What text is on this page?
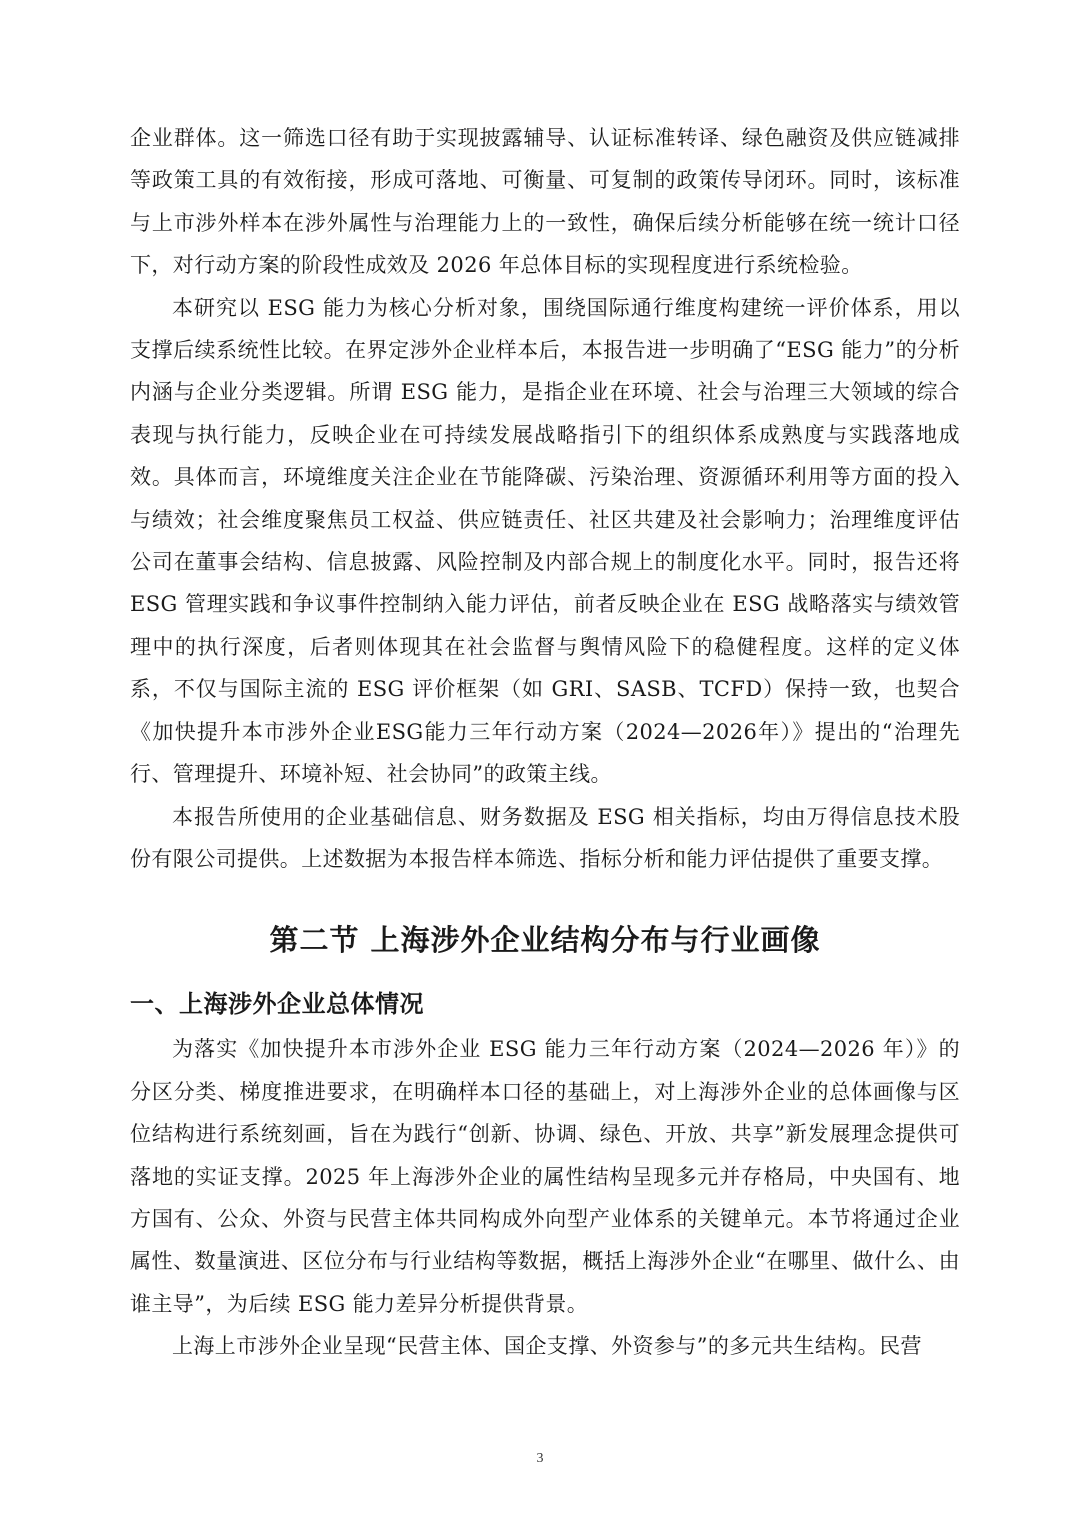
企业群体。这一筛选口径有助于实现披露辅导、认证标准转译、绿色融资及供应链减排等政策工具的有效衔接，形成可落地、可衡量、可复制的政策传导闭环。同时，该标准与上市涉外样本在涉外属性与治理能力上的一致性，确保后续分析能够在统一统计口径下，对行动方案的阶段性成效及 2026 年总体目标的实现程度进行系统检验。

本研究以 ESG 能力为核心分析对象，围绕国际通行维度构建统一评价体系，用以支撑后续系统性比较。在界定涉外企业样本后，本报告进一步明确了“ESG 能力”的分析内涵与企业分类逻辑。所谓 ESG 能力，是指企业在环境、社会与治理三大领域的综合表现与执行能力，反映企业在可持续发展战略指引下的组织体系成熟度与实践落地成效。具体而言，环境维度关注企业在节能降碳、污染治理、资源循环利用等方面的投入与绩效；社会维度聚焦员工权益、供应链责任、社区共建及社会影响力；治理维度评估公司在董事会结构、信息披露、风险控制及内部合规上的制度化水平。同时，报告还将 ESG 管理实践和争议事件控制纳入能力评估，前者反映企业在 ESG 战略落实与绩效管理中的执行深度，后者则体现其在社会监督与舆情风险下的稳健程度。这样的定义体系，不仅与国际主流的 ESG 评价框架（如 GRI、SASB、TCFD）保持一致，也契合《加快提升本市涉外企业ESG能力三年行动方案（2024—2026年）》提出的“治理先行、管理提升、环境补短、社会协同”的政策主线。

本报告所使用的企业基础信息、财务数据及 ESG 相关指标，均由万得信息技术股份有限公司提供。上述数据为本报告样本筛选、指标分析和能力评估提供了重要支撑。

第二节 上海涉外企业结构分布与行业画像
一、上海涉外企业总体情况

为落实《加快提升本市涉外企业 ESG 能力三年行动方案（2024—2026 年）》的分区分类、梯度推进要求，在明确样本口径的基础上，对上海涉外企业的总体画像与区位结构进行系统刻画，旨在为践行“创新、协调、绿色、开放、共享”新发展理念提供可落地的实证支撑。2025 年上海涉外企业的属性结构呈现多元并存格局，中央国有、地方国有、公众、外资与民营主体共同构成外向型产业体系的关键单元。本节将通过企业属性、数量演进、区位分布与行业结构等数据，概括上海涉外企业“在哪里、做什么、由谁主导”，为后续 ESG 能力差异分析提供背景。

上海上市涉外企业呈现“民营主体、国企支撑、外资参与”的多元共生结构。民营

3
